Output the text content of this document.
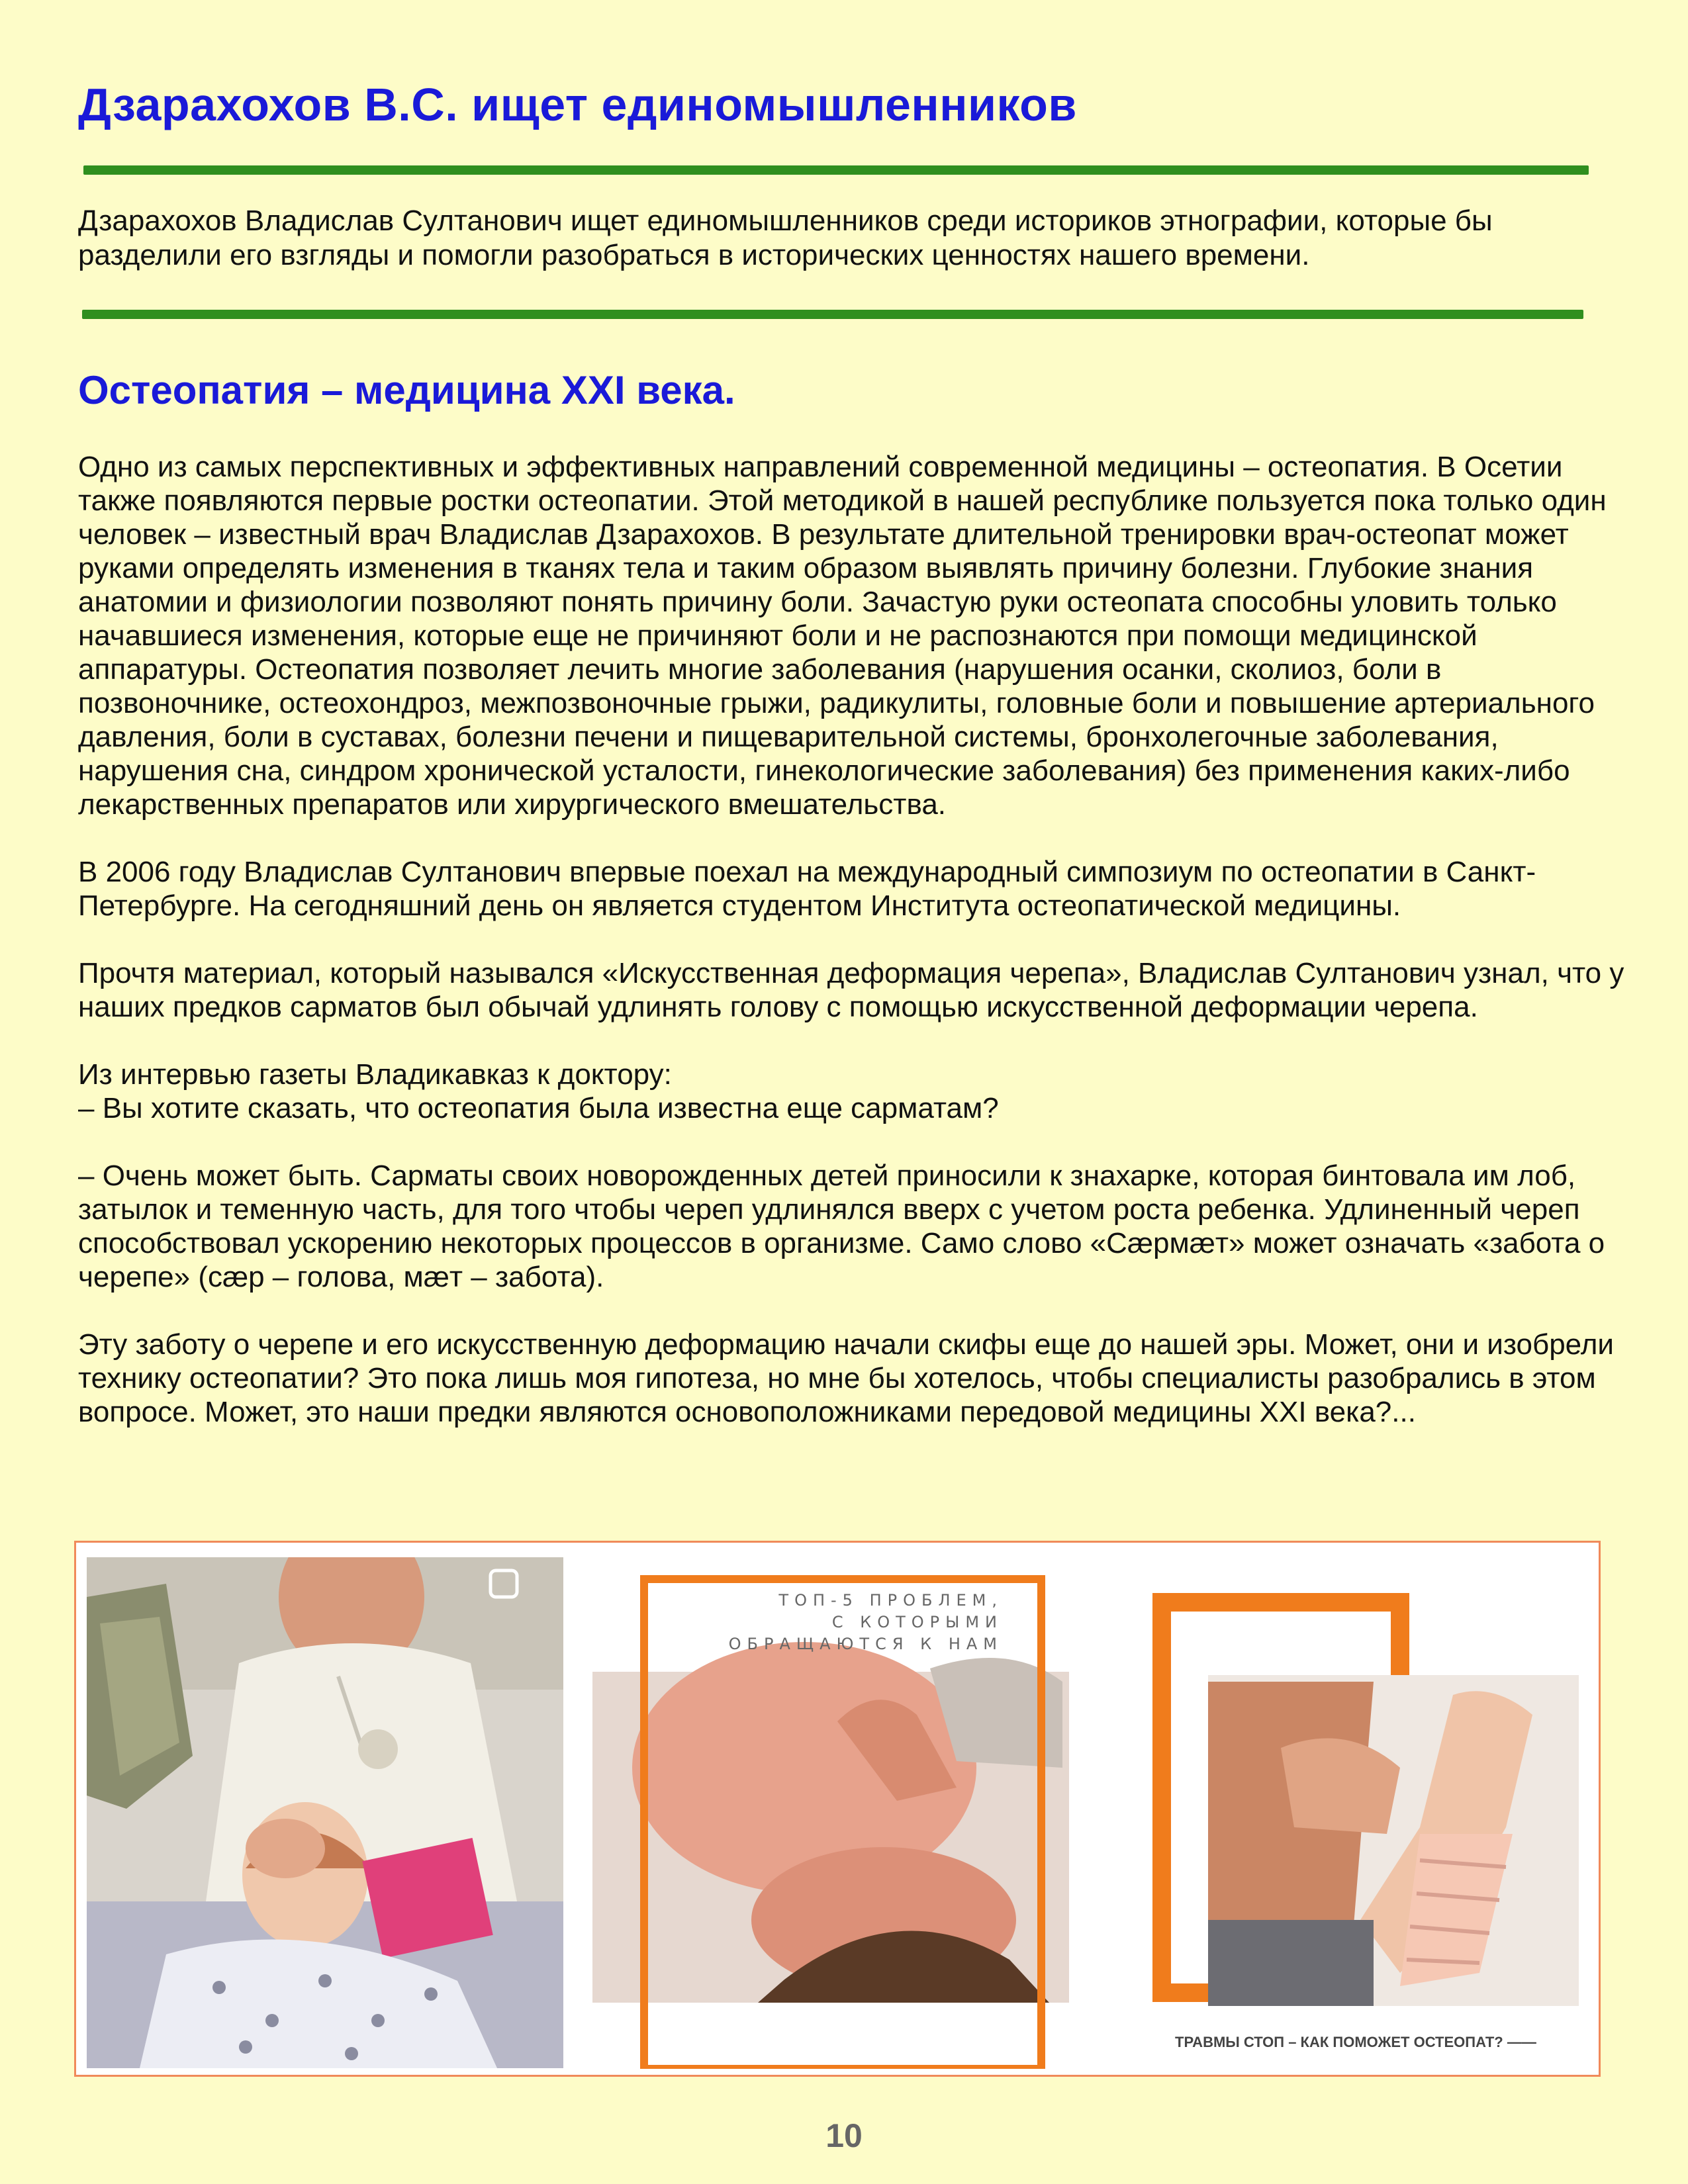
Дзарахохов В.С. ищет единомышленников

Дзарахохов Владислав Султанович ищет единомышленников среди историков этнографии, которые бы разделили его взгляды и помогли разобраться в исторических ценностях нашего времени.

Остеопатия – медицина XXI века.

Одно из самых перспективных и эффективных направлений современной медицины – остеопатия. В Осетии также появляются первые ростки остеопатии. Этой методикой в нашей республике пользуется пока только один человек – известный врач Владислав Дзарахохов. В результате длительной тренировки врач-остеопат может руками определять изменения в тканях тела и таким образом выявлять причину болезни. Глубокие знания анатомии и физиологии позволяют понять причину боли. Зачастую руки остеопата способны уловить только начавшиеся изменения, которые еще не причиняют боли и не распознаются при помощи медицинской аппаратуры. Остеопатия позволяет лечить многие заболевания (нарушения осанки, сколиоз, боли в позвоночнике, остеохондроз, межпозвоночные грыжи, радикулиты, головные боли и повышение артериального давления, боли в суставах, болезни печени и пищеварительной системы, бронхолегочные заболевания, нарушения сна, синдром хронической усталости, гинекологические заболевания) без применения каких-либо лекарственных препаратов или хирургического вмешательства.

В 2006 году Владислав Султанович впервые поехал на международный симпозиум по остеопатии в Санкт-Петербурге. На сегодняшний день он является студентом Института остеопатической медицины.

Прочтя материал, который назывался «Искусственная деформация черепа», Владислав Султанович узнал, что у наших предков сарматов был обычай удлинять голову с помощью искусственной деформации черепа.

Из интервью газеты Владикавказ к доктору:

– Вы хотите сказать, что остеопатия была известна еще сарматам?

– Очень может быть. Сарматы своих новорожденных детей приносили к знахарке, которая бинтовала им лоб, затылок и теменную часть, для того чтобы череп удлинялся вверх с учетом роста ребенка. Удлиненный череп способствовал ускорению некоторых процессов в организме. Само слово «Сæрмæт» может означать «забота о черепе» (сæр – голова, мæт – забота).

Эту заботу о черепе и его искусственную деформацию начали скифы еще до нашей эры. Может, они и изобрели технику остеопатии? Это пока лишь моя гипотеза, но мне бы хотелось, чтобы специалисты разобрались в этом вопросе. Может, это наши предки являются основоположниками передовой медицины XXI века?...

ТОП-5 ПРОБЛЕМ,
С КОТОРЫМИ
ОБРАЩАЮТСЯ К НАМ
ТРАВМЫ СТОП – КАК ПОМОЖЕТ ОСТЕОПАТ? ——
10
